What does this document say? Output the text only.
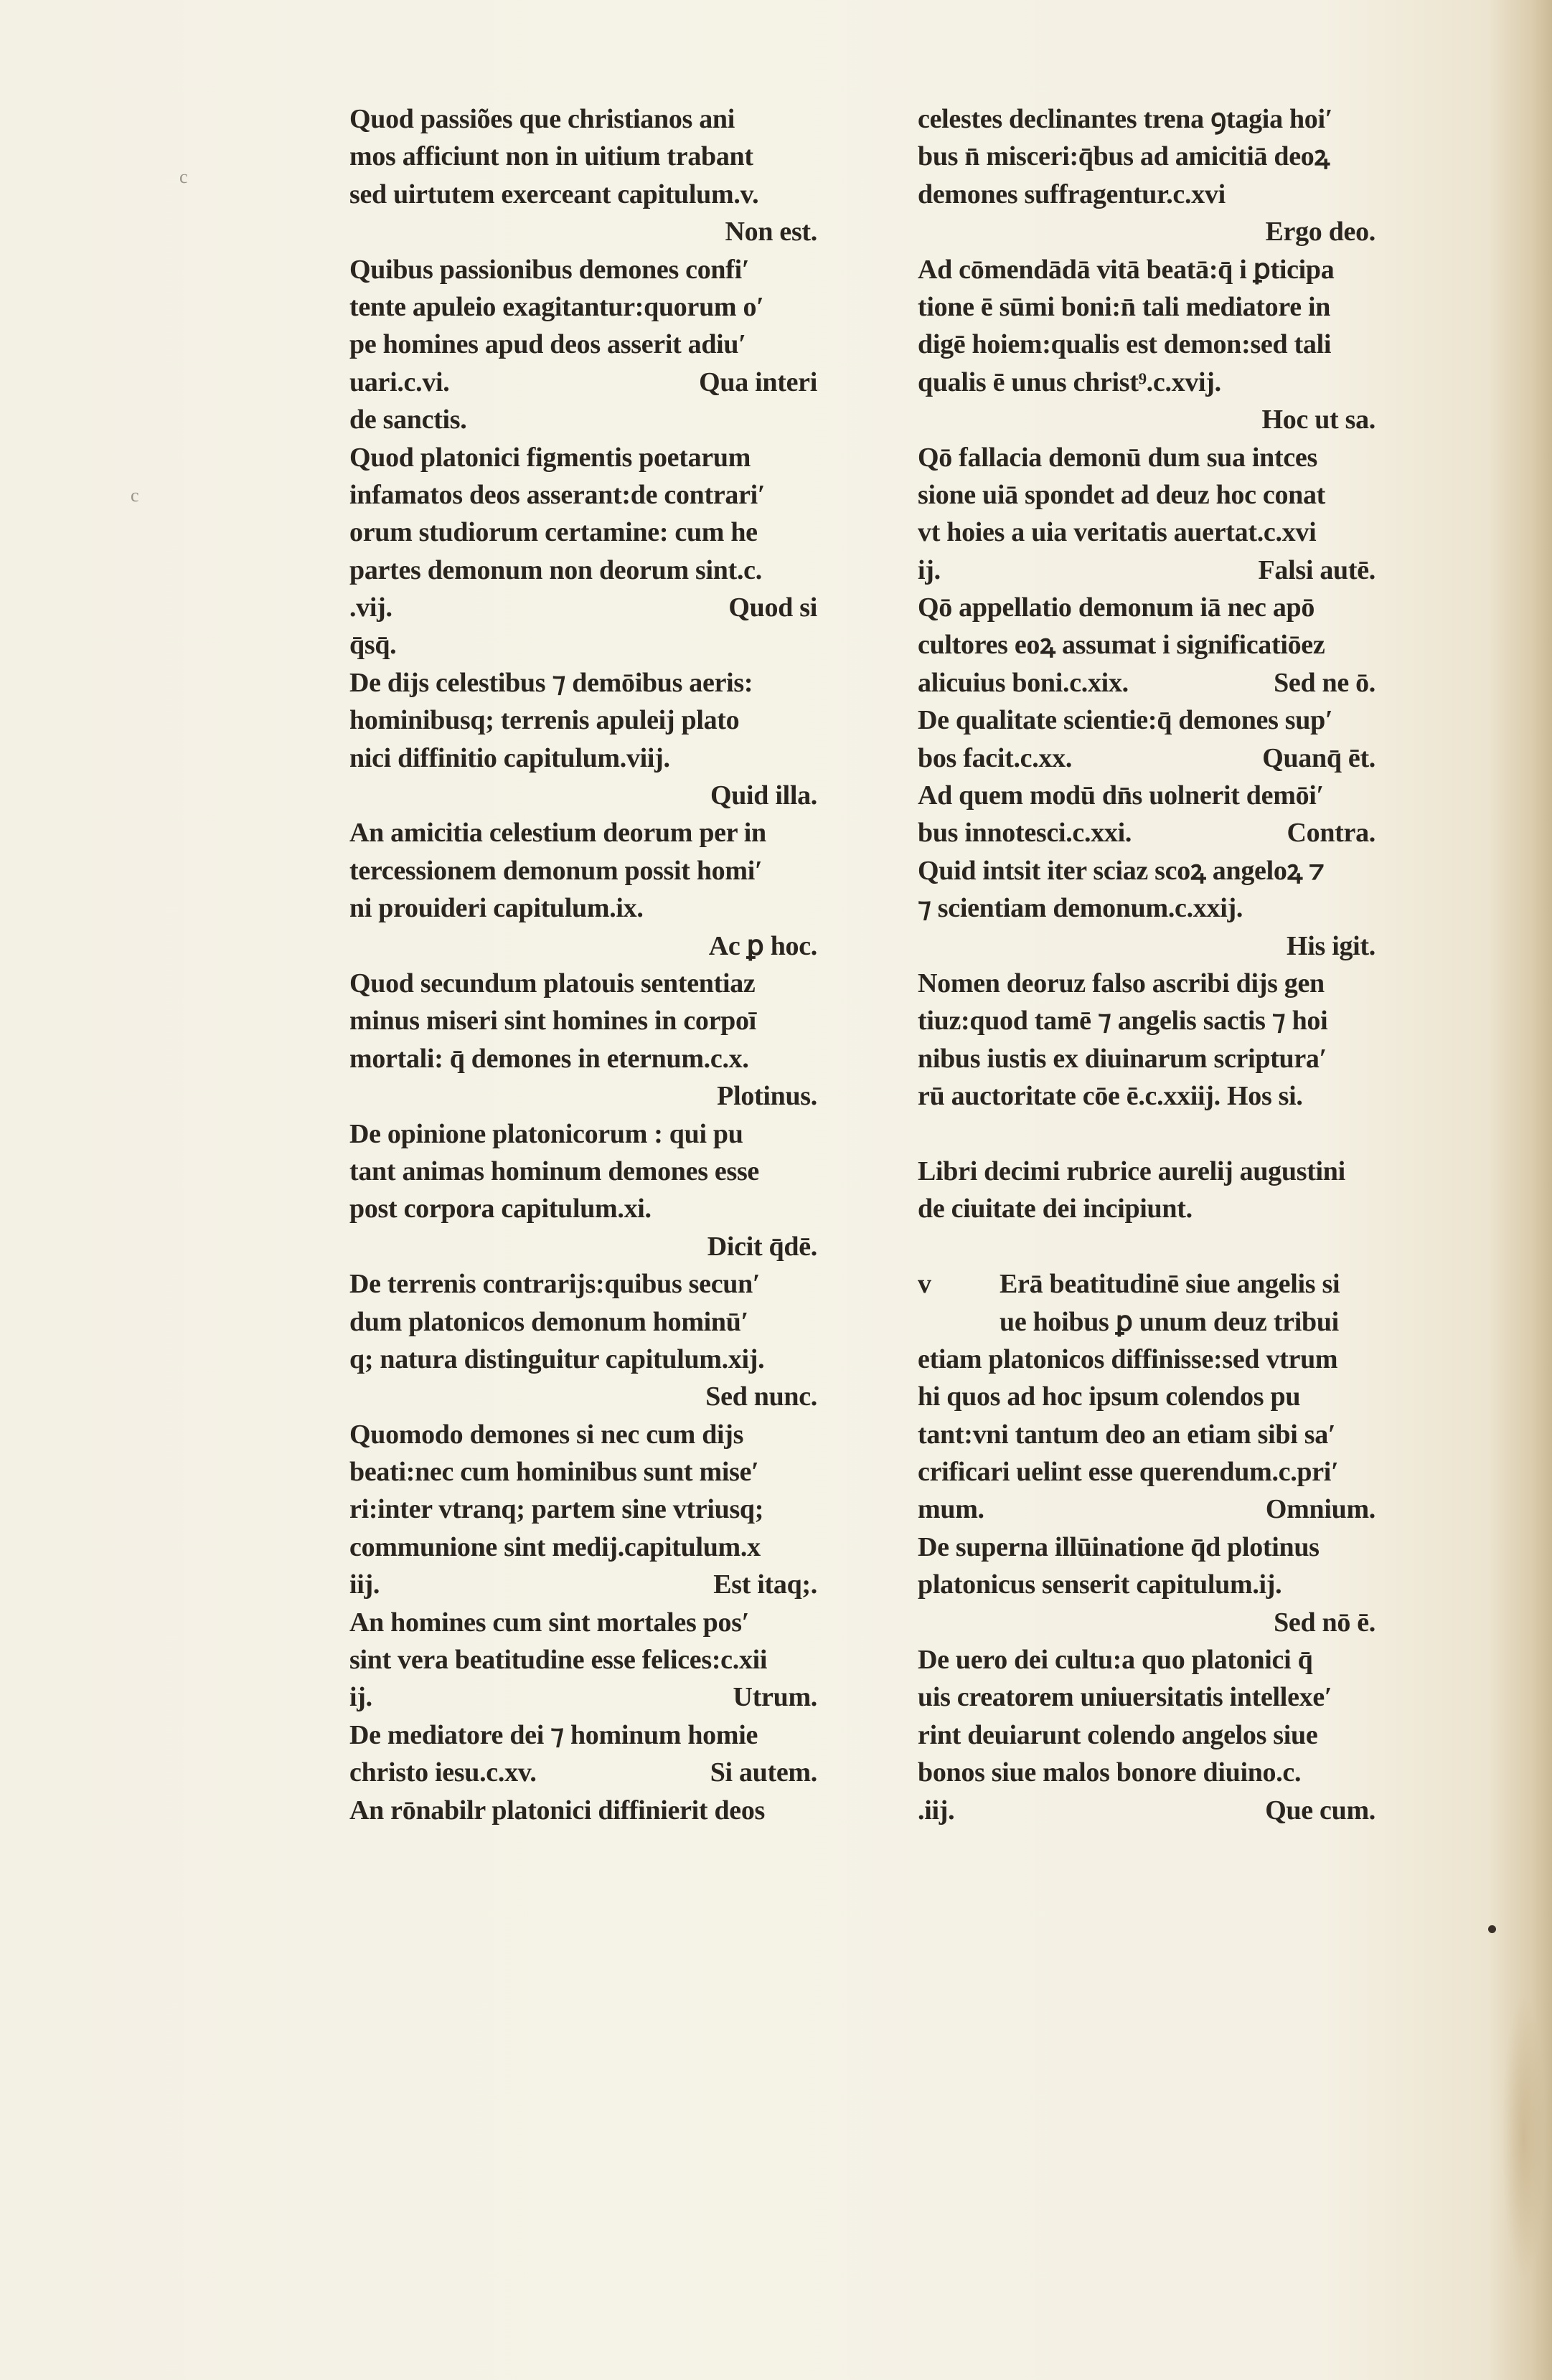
c
c
Quod passiões que christianos ani
mos afficiunt non in uitium trabant
sed uirtutem exerceant capitulum.v.
Non est.
Quibus passionibus demones confi′
tente apuleio exagitantur:quorum o′
pe homines apud deos asserit adiu′
uari.c.vi.	Qua interi
de sanctis.
Quod platonici figmentis poetarum
infamatos deos asserant:de contrari′
orum studiorum certamine: cum he
partes demonum non deorum sint.c.
.vij.	Quod si
q̄sq̄.
De dijs celestibus ⁊ demōibus aeris:
hominibusq; terrenis apuleij plato
nici diffinitio capitulum.viij.
Quid illa.
An amicitia celestium deorum per in
tercessionem demonum possit homi′
ni prouideri capitulum.ix.
Ac ꝑ hoc.
Quod secundum platouis sententiaz
minus miseri sint homines in corpoī
mortali: q̄ demones in eternum.c.x.
Plotinus.
De opinione platonicorum : qui pu
tant animas hominum demones esse
post corpora capitulum.xi.
Dicit q̄dē.
De terrenis contrarijs:quibus secun′
dum platonicos demonum hominū′
q; natura distinguitur capitulum.xij.
Sed nunc.
Quomodo demones si nec cum dijs
beati:nec cum hominibus sunt mise′
ri:inter vtranq; partem sine vtriusq;
communione sint medij.capitulum.x
iij.	Est itaq;.
An homines cum sint mortales pos′
sint vera beatitudine esse felices:c.xii
ij.	Utrum.
De mediatore dei ⁊ hominum homie
christo iesu.c.xv.	Si autem.
An rōnabilr platonici diffinierit deos
celestes declinantes trena ꝯtagia hoi′
bus n̄ misceri:q̄bus ad amicitiā deoꝝ
demones suffragentur.c.xvi
Ergo deo.
Ad cōmendādā vitā beatā:q̄ i ꝑticipa
tione ē sūmi boni:n̄ tali mediatore in
digē hoiem:qualis est demon:sed tali
qualis ē unus christ⁹.c.xvij.
Hoc ut sa.
Qō fallacia demonū dum sua intces
sione uiā spondet ad deuz hoc conat
vt hoies a uia veritatis auertat.c.xvi
ij.	Falsi autē.
Qō appellatio demonum iā nec apō
cultores eoꝝ assumat i significatiōez
alicuius boni.c.xix.	Sed ne ō.
De qualitate scientie:q̄ demones sup′
bos facit.c.xx.	Quanq̄ ēt.
Ad quem modū dn̄s uolnerit demōi′
bus innotesci.c.xxi.	Contra.
Quid intsit iter sciaz scoꝝ angeloꝝ ⁊
⁊ scientiam demonum.c.xxij.
His igit.
Nomen deoruz falso ascribi dijs gen
tiuz:quod tamē ⁊ angelis sactis ⁊ hoi
nibus iustis ex diuinarum scriptura′
rū auctoritate cōe ē.c.xxiij. Hos si.
Libri decimi rubrice aurelij augustini
de ciuitate dei incipiunt.
v	Erā beatitudinē siue angelis si
ue hoibus ꝑ unum deuz tribui
etiam platonicos diffinisse:sed vtrum
hi quos ad hoc ipsum colendos pu
tant:vni tantum deo an etiam sibi sa′
crificari uelint esse querendum.c.pri′
mum.	Omnium.
De superna illūinatione q̄d plotinus
platonicus senserit capitulum.ij.
Sed nō ē.
De uero dei cultu:a quo platonici q̄
uis creatorem uniuersitatis intellexe′
rint deuiarunt colendo angelos siue
bonos siue malos bonore diuino.c.
.iij.	Que cum.
